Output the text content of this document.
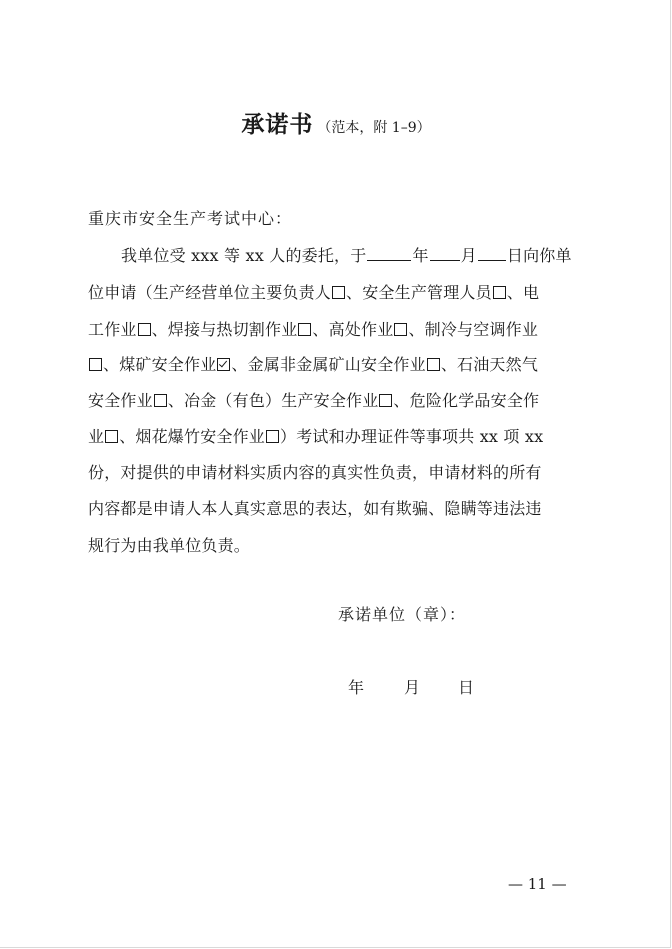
承诺书 （范本，附 1–9）
重庆市安全生产考试中心：
我单位受 xxx 等 xx 人的委托，于	年 月 日向你单
位申请（生产经营单位主要负责人 、安全生产管理人员 、电
工作业 、焊接与热切割作业 、高处作业 、制冷与空调作业
、煤矿安全作业 、金属非金属矿山安全作业 、石油天然气
安全作业 、冶金（有色）生产安全作业 、危险化学品安全作
业 、烟花爆竹安全作业 ）考试和办理证件等事项共 xx 项 xx
份，对提供的申请材料实质内容的真实性负责，申请材料的所有
内容都是申请人本人真实意思的表达，如有欺骗、隐瞒等违法违
规行为由我单位负责。
承诺单位（章）：
年 月 日
— 11 —
